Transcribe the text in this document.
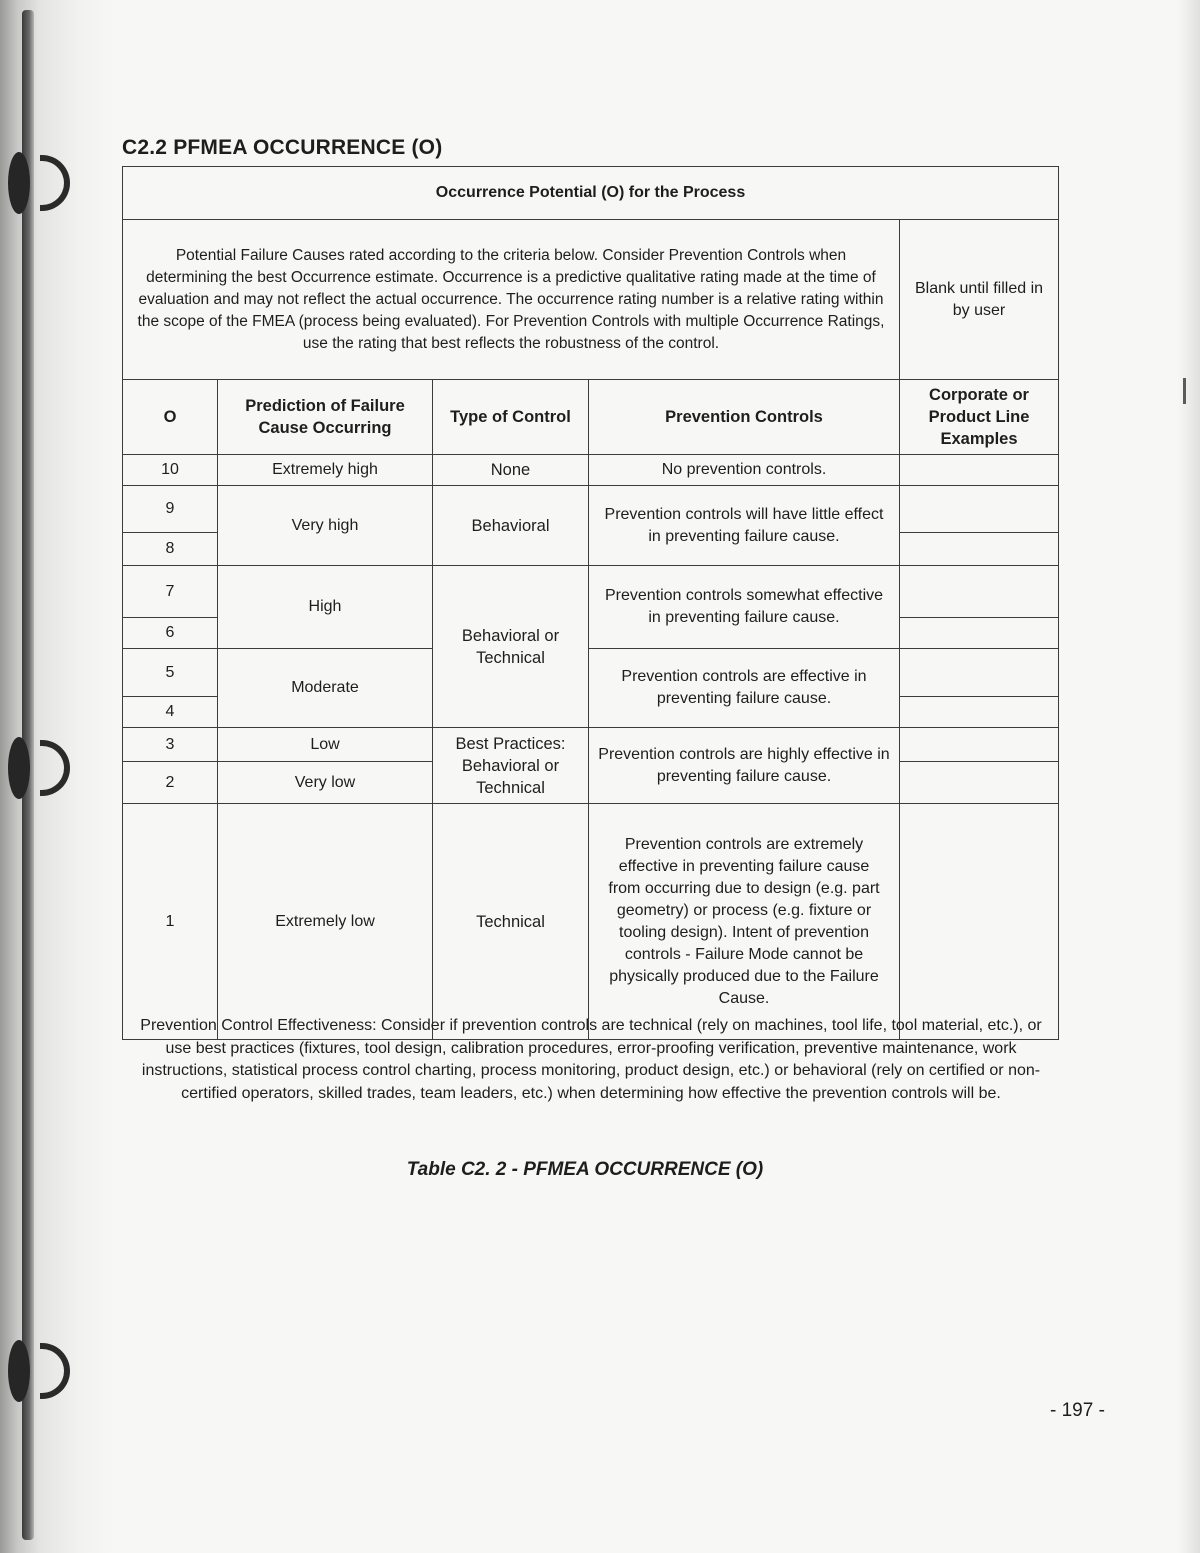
C2.2 PFMEA OCCURRENCE (O)
Occurrence Potential (O) for the Process				
Potential Failure Causes rated according to the criteria below. Consider Prevention Controls when determining the best Occurrence estimate. Occurrence is a predictive qualitative rating made at the time of evaluation and may not reflect the actual occurrence. The occurrence rating number is a relative rating within the scope of the FMEA (process being evaluated). For Prevention Controls with multiple Occurrence Ratings, use the rating that best reflects the robustness of the control.				Blank until filled in by user
O	Prediction of Failure Cause Occurring	Type of Control	Prevention Controls	Corporate or Product Line Examples
10	Extremely high	None	No prevention controls.	
9	Very high	Behavioral	Prevention controls will have little effect in preventing failure cause.	
8				
7	High	Behavioral or Technical	Prevention controls somewhat effective in preventing failure cause.	
6				
5	Moderate		Prevention controls are effective in preventing failure cause.	
4				
3	Low	Best Practices: Behavioral or Technical	Prevention controls are highly effective in preventing failure cause.	
2	Very low			
1	Extremely low	Technical	Prevention controls are extremely effective in preventing failure cause from occurring due to design (e.g. part geometry) or process (e.g. fixture or tooling design). Intent of prevention controls - Failure Mode cannot be physically produced due to the Failure Cause.	

Prevention Control Effectiveness: Consider if prevention controls are technical (rely on machines, tool life, tool material, etc.), or use best practices (fixtures, tool design, calibration procedures, error-proofing verification, preventive maintenance, work instructions, statistical process control charting, process monitoring, product design, etc.) or behavioral (rely on certified or non-certified operators, skilled trades, team leaders, etc.) when determining how effective the prevention controls will be.

Table C2. 2 - PFMEA OCCURRENCE (O)

- 197 -
